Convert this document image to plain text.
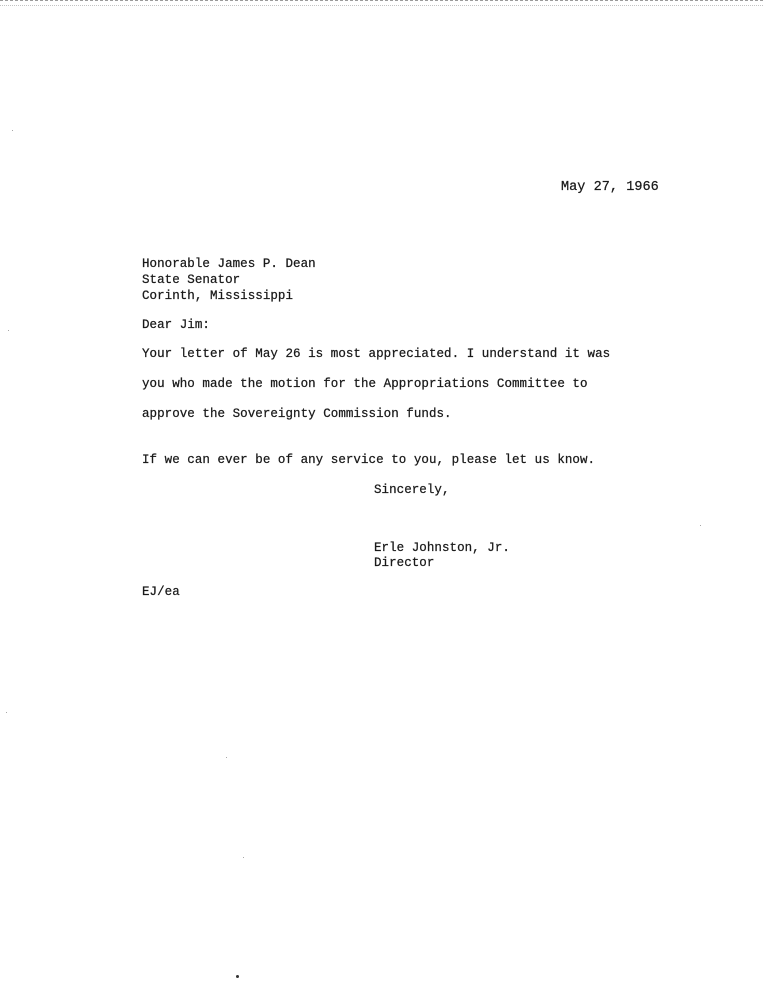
May 27, 1966
Honorable James P. Dean
State Senator
Corinth, Mississippi
Dear Jim:
Your letter of May 26 is most appreciated. I understand it was
you who made the motion for the Appropriations Committee to
approve the Sovereignty Commission funds.
If we can ever be of any service to you, please let us know.
Sincerely,
Erle Johnston, Jr.
Director
EJ/ea
